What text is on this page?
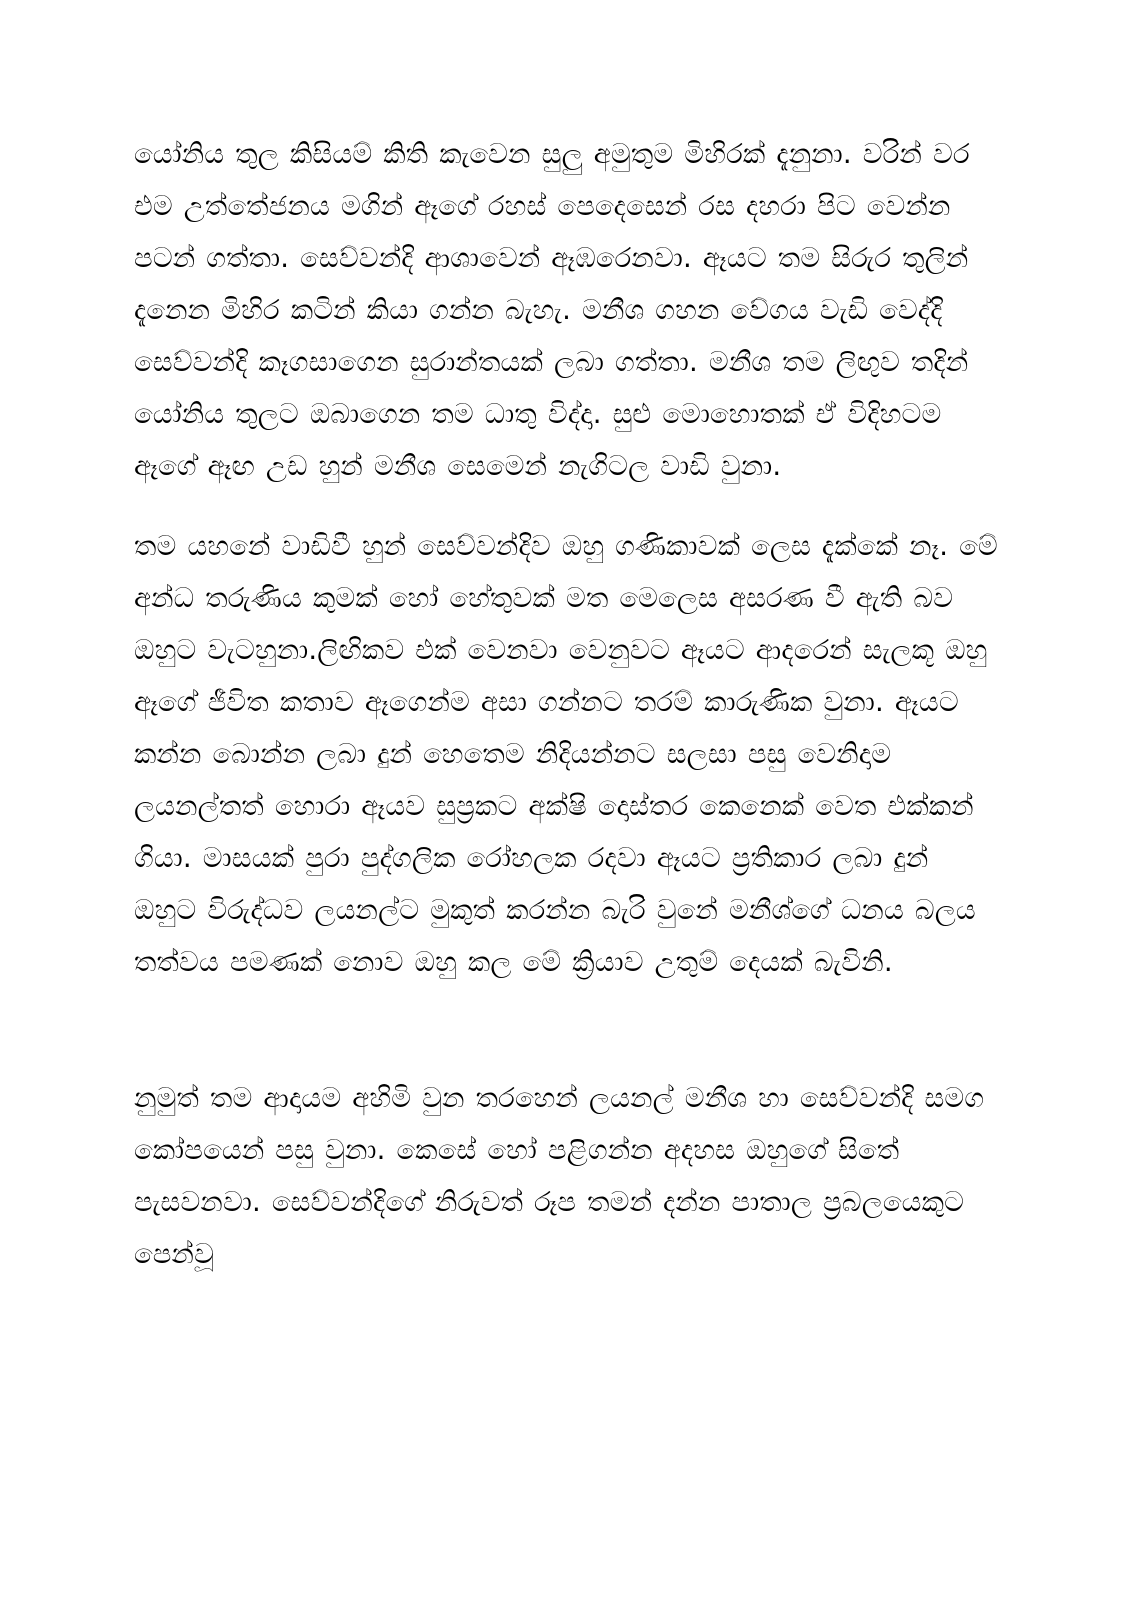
යෝනිය තුල කිසියම් කිති කැවෙන සුලු අමුතුම මිහිරක් දැනුනා. වරින් වර එම උත්තේජනය මගින් ඈගේ රහස් පෙදෙසෙන් රස දහරා පිට වෙන්න පටන් ගත්තා. සෙව්වන්දි ආශාවෙන් ඈඹරෙනවා. ඈයට තම සිරුර තුලින් දැනෙන මිහිර කටින් කියා ගන්න බැහැ. මනීශ ගහන වේගය වැඩි වෙද්දි සෙව්වන්දි කෑගසාගෙන සුරාන්තයක් ලබා ගත්තා. මනීශ තම ලිඟුව තදින් යෝනිය තුලට ඔබාගෙන තම ධාතු විද්දා. සුළු මොහොතක් ඒ විදිහටම ඈගේ ඈඟ උඩ හුන් මනීශ සෙමෙන් නැගිටල වාඩි වුනා.

තම යහනේ වාඩිවී හුන් සෙව්වන්දිව ඔහු ගණිකාවක් ලෙස දැක්කේ නෑ. මේ අන්ධ තරුණිය කුමක් හෝ හේතුවක් මත මෙලෙස අසරණ වී ඇති බව ඔහුට වැටහුනා.ලිඟිකව එක් වෙනවා වෙනුවට ඈයට ආදරෙන් සැලකූ ඔහු ඈගේ ජීවිත කතාව ඈගෙන්ම අසා ගන්නට තරම් කාරුණික වුනා. ඈයට කන්න බොන්න ලබා දුන් හෙතෙම නිදියන්නට සලසා පසු වෙනිදාම ලයනල්තත් හොරා ඈයව සුප්‍රකට අක්ෂි දොස්තර කෙනෙක් වෙත එක්කන් ගියා. මාසයක් පුරා පුද්ගලික රෝහලක රදවා ඈයට ප්‍රතිකාර ලබා දුන් ඔහුට විරුද්ධව ලයනල්ට මුකුත් කරන්න බැරි වුනේ මනීශ්ගේ ධනය බලය තත්වය පමණක් නොව ඔහු කල මේ ක්‍රියාව උතුම් දෙයක් බැවිනි.

නුමුත් තම ආදායම අහිමි වුන තරහෙන් ලයනල් මනීශ හා සෙව්වන්දි සමග කෝපයෙන් පසු වුනා. කෙසේ හෝ පළිගන්න අදහස ඔහුගේ සිතේ පැසවනවා. සෙව්වන්දිගේ නිරුවත් රූප තමන් දන්න පාතාල ප්‍රබලයෙකුට පෙන්වූ
